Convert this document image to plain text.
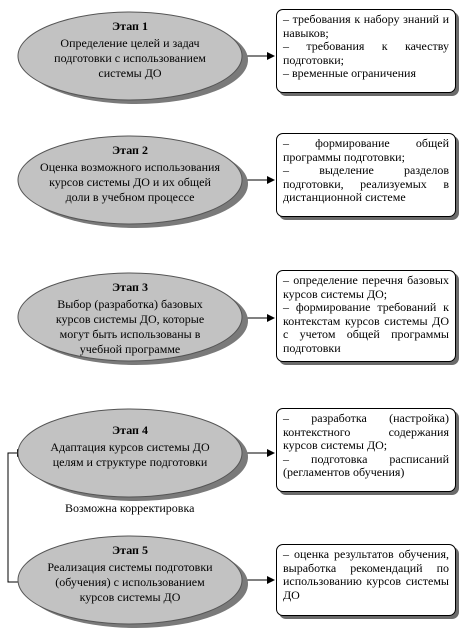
Этап 1
Определение целей и задач подготовки с использованием системы ДО
– требования к набору знаний и навыков;
– требования к качеству подготовки;
– временные ограничения
Этап 2
Оценка возможного использования курсов системы ДО и их общей доли в учебном процессе
– формирование общей программы подготовки;
– выделение разделов подготовки, реализуемых в дистанционной системе
Этап 3
Выбор (разработка) базовых курсов системы ДО, которые могут быть использованы в учебной программе
– определение перечня базовых курсов системы ДО;
– формирование требований к контекстам курсов системы ДО с учетом общей программы подготовки
Этап 4
Адаптация курсов системы ДО целям и структуре подготовки
– разработка (настройка) контекстного содержания курсов системы ДО;
– подготовка расписаний (регламентов обучения)
Возможна корректировка
Этап 5
Реализация системы подготовки (обучения) с использованием курсов системы ДО
– оценка результатов обучения, выработка рекомендаций по использованию курсов системы ДО
